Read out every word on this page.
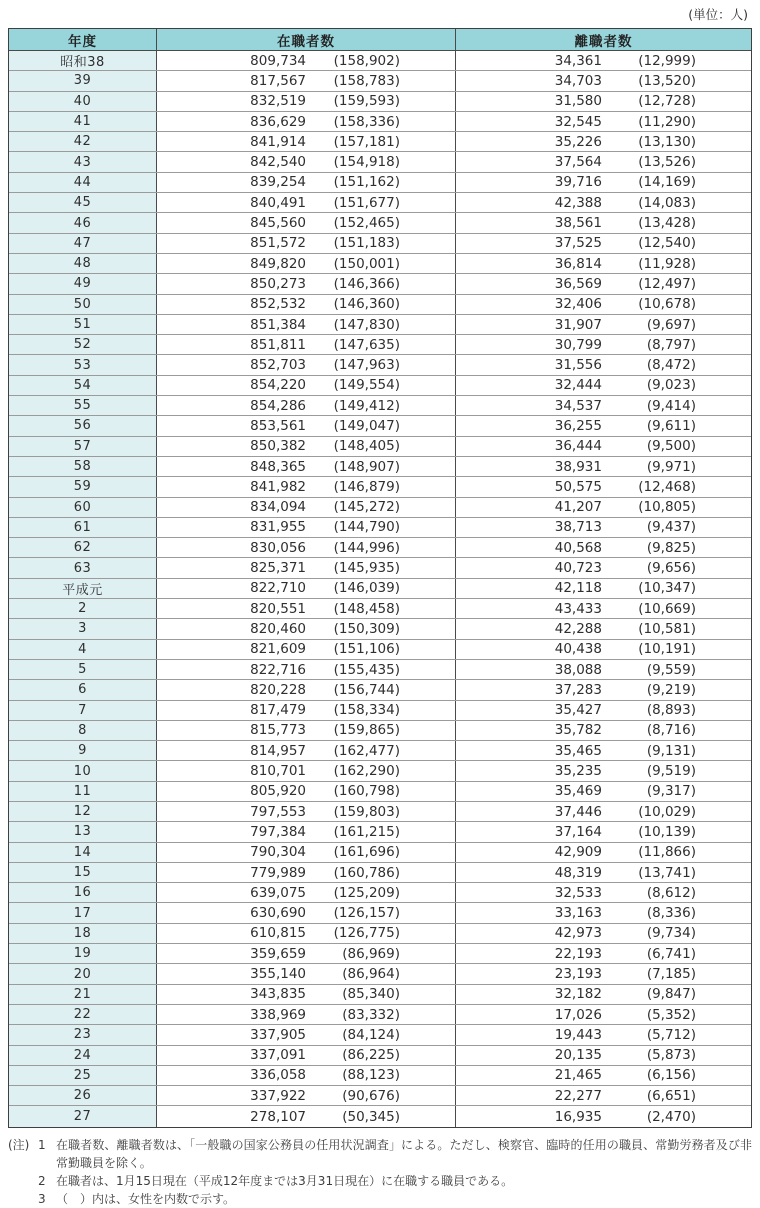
(単位：人)
年度	在職者数	離職者数
昭和38	809,734	(158,902)	34,361	(12,999)
39	817,567	(158,783)	34,703	(13,520)
40	832,519	(159,593)	31,580	(12,728)
41	836,629	(158,336)	32,545	(11,290)
42	841,914	(157,181)	35,226	(13,130)
43	842,540	(154,918)	37,564	(13,526)
44	839,254	(151,162)	39,716	(14,169)
45	840,491	(151,677)	42,388	(14,083)
46	845,560	(152,465)	38,561	(13,428)
47	851,572	(151,183)	37,525	(12,540)
48	849,820	(150,001)	36,814	(11,928)
49	850,273	(146,366)	36,569	(12,497)
50	852,532	(146,360)	32,406	(10,678)
51	851,384	(147,830)	31,907	(9,697)
52	851,811	(147,635)	30,799	(8,797)
53	852,703	(147,963)	31,556	(8,472)
54	854,220	(149,554)	32,444	(9,023)
55	854,286	(149,412)	34,537	(9,414)
56	853,561	(149,047)	36,255	(9,611)
57	850,382	(148,405)	36,444	(9,500)
58	848,365	(148,907)	38,931	(9,971)
59	841,982	(146,879)	50,575	(12,468)
60	834,094	(145,272)	41,207	(10,805)
61	831,955	(144,790)	38,713	(9,437)
62	830,056	(144,996)	40,568	(9,825)
63	825,371	(145,935)	40,723	(9,656)
平成元	822,710	(146,039)	42,118	(10,347)
2	820,551	(148,458)	43,433	(10,669)
3	820,460	(150,309)	42,288	(10,581)
4	821,609	(151,106)	40,438	(10,191)
5	822,716	(155,435)	38,088	(9,559)
6	820,228	(156,744)	37,283	(9,219)
7	817,479	(158,334)	35,427	(8,893)
8	815,773	(159,865)	35,782	(8,716)
9	814,957	(162,477)	35,465	(9,131)
10	810,701	(162,290)	35,235	(9,519)
11	805,920	(160,798)	35,469	(9,317)
12	797,553	(159,803)	37,446	(10,029)
13	797,384	(161,215)	37,164	(10,139)
14	790,304	(161,696)	42,909	(11,866)
15	779,989	(160,786)	48,319	(13,741)
16	639,075	(125,209)	32,533	(8,612)
17	630,690	(126,157)	33,163	(8,336)
18	610,815	(126,775)	42,973	(9,734)
19	359,659	(86,969)	22,193	(6,741)
20	355,140	(86,964)	23,193	(7,185)
21	343,835	(85,340)	32,182	(9,847)
22	338,969	(83,332)	17,026	(5,352)
23	337,905	(84,124)	19,443	(5,712)
24	337,091	(86,225)	20,135	(5,873)
25	336,058	(88,123)	21,465	(6,156)
26	337,922	(90,676)	22,277	(6,651)
27	278,107	(50,345)	16,935	(2,470)
(注) 1 在職者数、離職者数は、「一般職の国家公務員の任用状況調査」による。ただし、検察官、臨時的任用の職員、常勤労務者及び非常勤職員を除く。
2 在職者は、1月15日現在（平成12年度までは3月31日現在）に在職する職員である。
3 （　）内は、女性を内数で示す。
